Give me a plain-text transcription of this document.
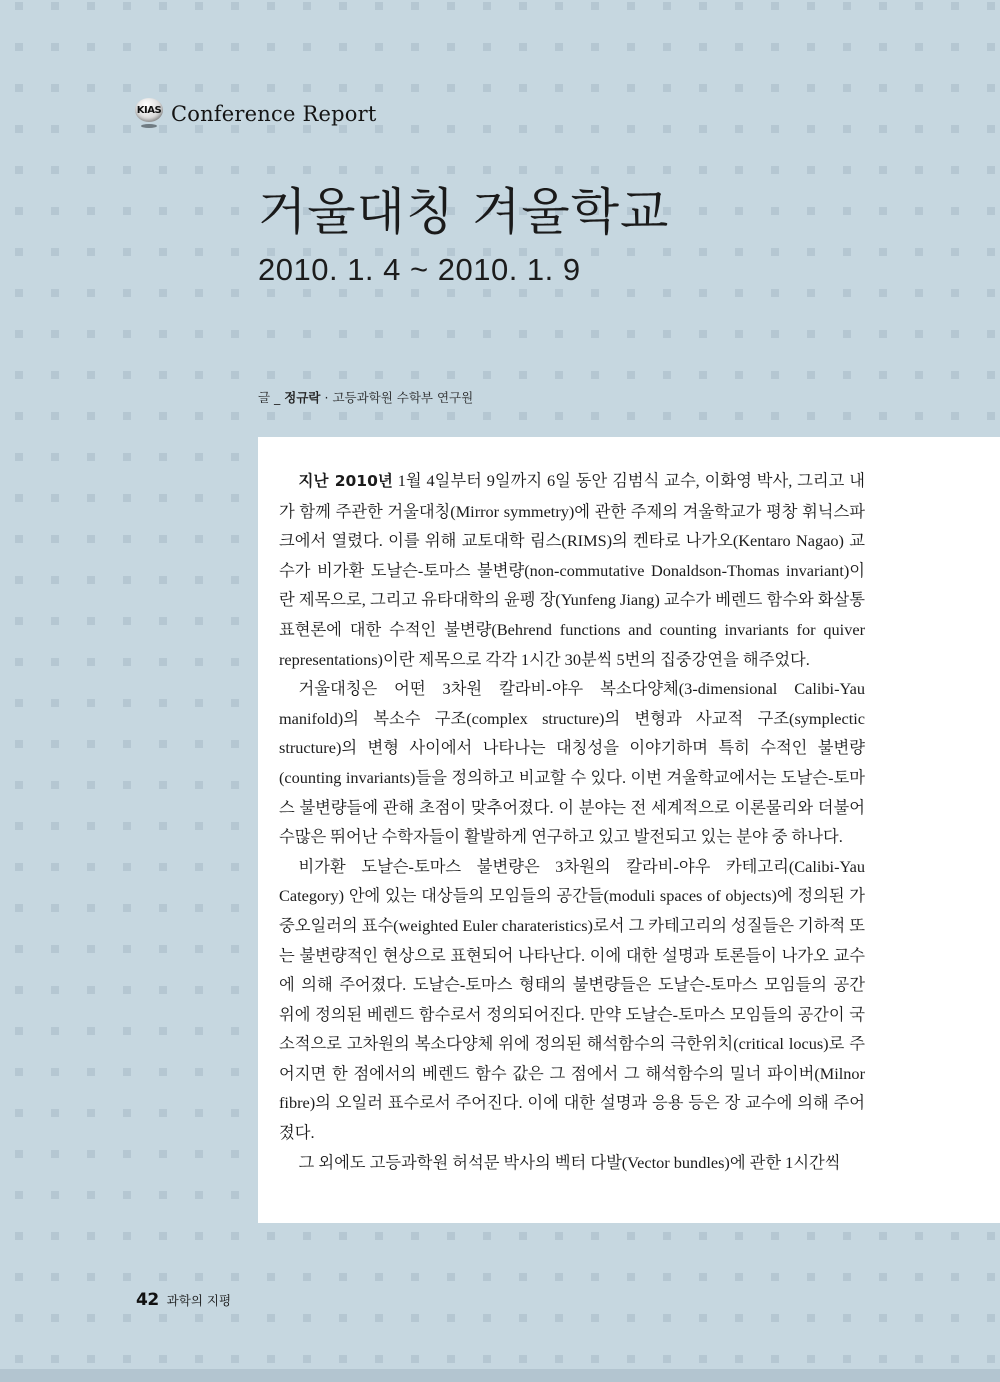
KIAS Conference Report
거울대칭 겨울학교
2010. 1. 4 ~ 2010. 1. 9
글 _ 정규락 · 고등과학원 수학부 연구원

지난 2010년 1월 4일부터 9일까지 6일 동안 김범식 교수, 이화영 박사, 그리고 내가 함께 주관한 거울대칭(Mirror symmetry)에 관한 주제의 겨울학교가 평창 휘닉스파크에서 열렸다. 이를 위해 교토대학 림스(RIMS)의 켄타로 나가오(Kentaro Nagao) 교수가 비가환 도날슨-토마스 불변량(non-commutative Donaldson-Thomas invariant)이란 제목으로, 그리고 유타대학의 윤펭 장(Yunfeng Jiang) 교수가 베렌드 함수와 화살통 표현론에 대한 수적인 불변량(Behrend functions and counting invariants for quiver representations)이란 제목으로 각각 1시간 30분씩 5번의 집중강연을 해주었다.

거울대칭은 어떤 3차원 칼라비-야우 복소다양체(3-dimensional Calibi-Yau manifold)의 복소수 구조(complex structure)의 변형과 사교적 구조(symplectic structure)의 변형 사이에서 나타나는 대칭성을 이야기하며 특히 수적인 불변량(counting invariants)들을 정의하고 비교할 수 있다. 이번 겨울학교에서는 도날슨-토마스 불변량들에 관해 초점이 맞추어졌다. 이 분야는 전 세계적으로 이론물리와 더불어 수많은 뛰어난 수학자들이 활발하게 연구하고 있고 발전되고 있는 분야 중 하나다.

비가환 도날슨-토마스 불변량은 3차원의 칼라비-야우 카테고리(Calibi-Yau Category) 안에 있는 대상들의 모임들의 공간들(moduli spaces of objects)에 정의된 가중오일러의 표수(weighted Euler charateristics)로서 그 카테고리의 성질들은 기하적 또는 불변량적인 현상으로 표현되어 나타난다. 이에 대한 설명과 토론들이 나가오 교수에 의해 주어졌다. 도날슨-토마스 형태의 불변량들은 도날슨-토마스 모임들의 공간 위에 정의된 베렌드 함수로서 정의되어진다. 만약 도날슨-토마스 모임들의 공간이 국소적으로 고차원의 복소다양체 위에 정의된 해석함수의 극한위치(critical locus)로 주어지면 한 점에서의 베렌드 함수 값은 그 점에서 그 해석함수의 밀너 파이버(Milnor fibre)의 오일러 표수로서 주어진다. 이에 대한 설명과 응용 등은 장 교수에 의해 주어졌다.

그 외에도 고등과학원 허석문 박사의 벡터 다발(Vector bundles)에 관한 1시간씩

42 과학의 지평
